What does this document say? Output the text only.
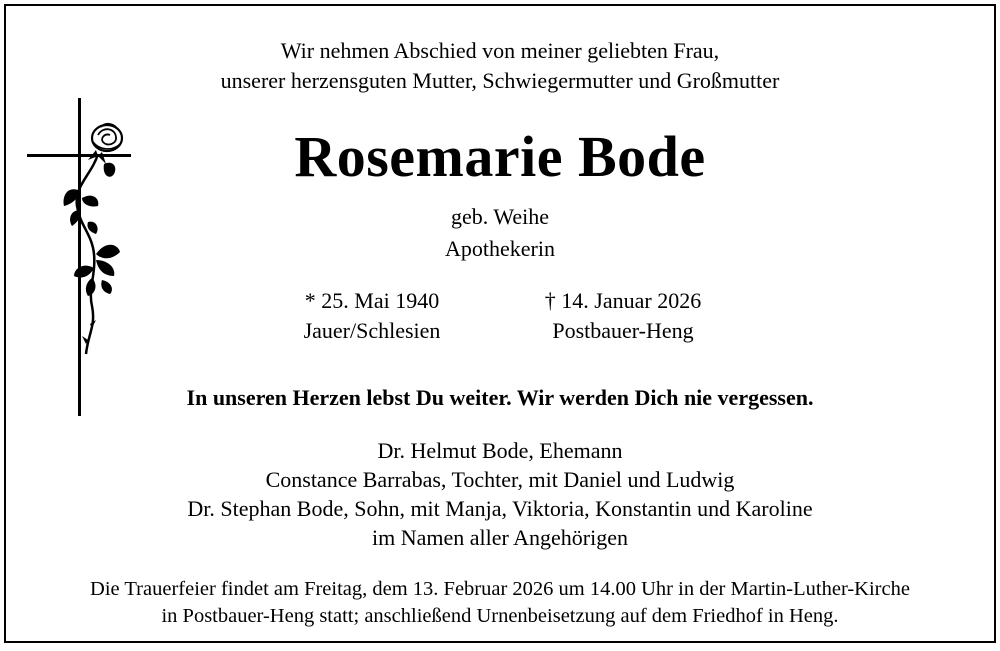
Wir nehmen Abschied von meiner geliebten Frau,
unserer herzensguten Mutter, Schwiegermutter und Großmutter
Rosemarie Bode
geb. Weihe
Apothekerin
* 25. Mai 1940
Jauer/Schlesien
† 14. Januar 2026
Postbauer-Heng
In unseren Herzen lebst Du weiter. Wir werden Dich nie vergessen.
Dr. Helmut Bode, Ehemann
Constance Barrabas, Tochter, mit Daniel und Ludwig
Dr. Stephan Bode, Sohn, mit Manja, Viktoria, Konstantin und Karoline
im Namen aller Angehörigen
Die Trauerfeier findet am Freitag, dem 13. Februar 2026 um 14.00 Uhr in der Martin-Luther-Kirche
in Postbauer-Heng statt; anschließend Urnenbeisetzung auf dem Friedhof in Heng.
